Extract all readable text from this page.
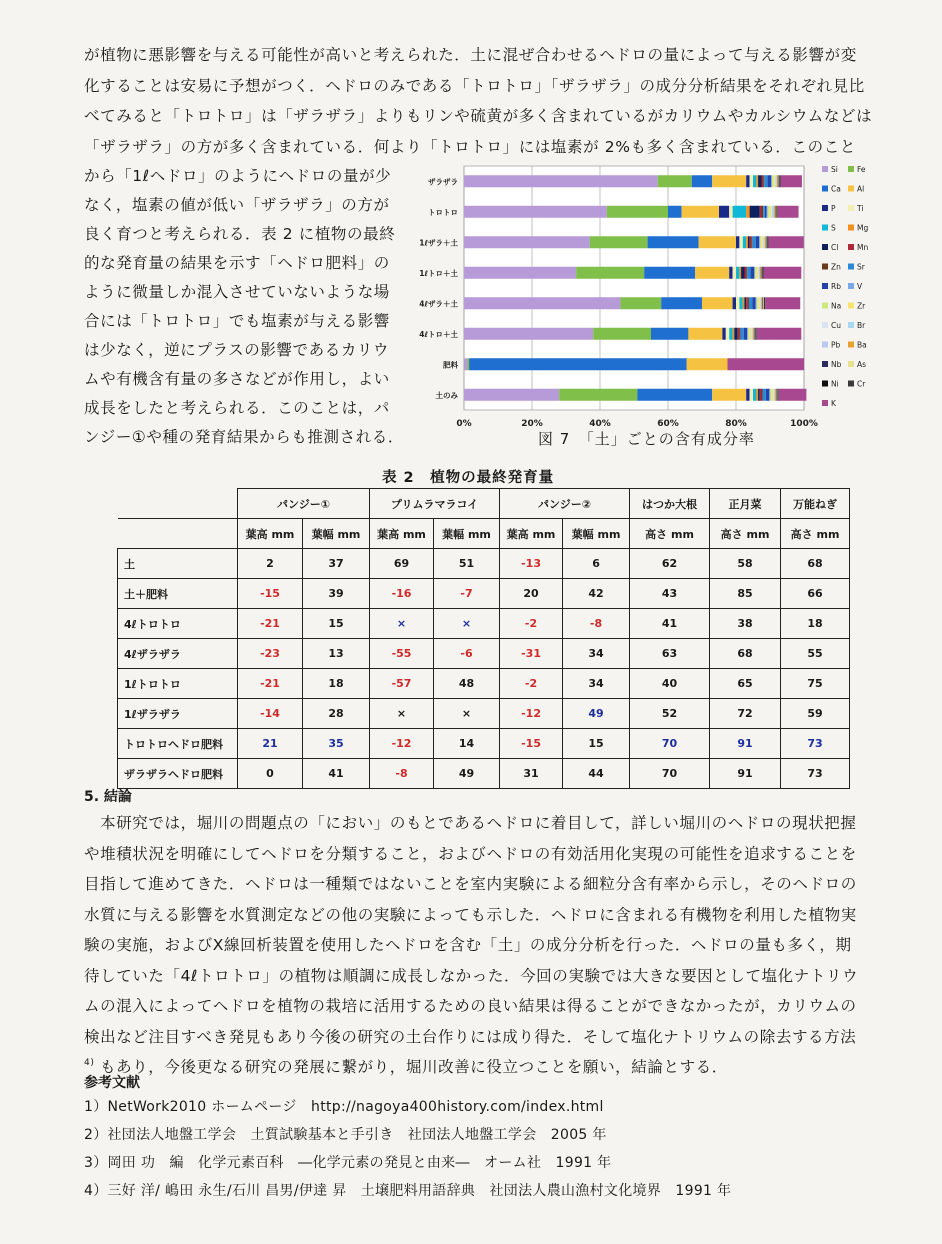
が植物に悪影響を与える可能性が高いと考えられた．土に混ぜ合わせるヘドロの量によって与える影響が変
化することは安易に予想がつく．ヘドロのみである「トロトロ」「ザラザラ」の成分分析結果をそれぞれ見比
べてみると「トロトロ」は「ザラザラ」よりもリンや硫黄が多く含まれているがカリウムやカルシウムなどは
「ザラザラ」の方が多く含まれている．何より「トロトロ」には塩素が 2%も多く含まれている．このこと
から「1ℓヘドロ」のようにヘドロの量が少
なく，塩素の値が低い「ザラザラ」の方が
良く育つと考えられる．表 2 に植物の最終
的な発育量の結果を示す「ヘドロ肥料」の
ように微量しか混入させていないような場
合には「トロトロ」でも塩素が与える影響
は少なく，逆にプラスの影響であるカリウ
ムや有機含有量の多さなどが作用し，よい
成長をしたと考えられる．このことは，パ
ンジー①や種の発育結果からも推測される．
0%	20%	40%	60%	80%	100%
ザラザラ
トロトロ
1ℓザラ＋土
1ℓトロ＋土
4ℓザラ＋土
4ℓトロ＋土
肥料
土のみ
Si	Fe
Ca Al
P	Ti
S	Mg
Cl Mn
Zn Sr
Rb V
Na Zr
Cu Br
Pb Ba
Nb As
Ni Cr
K
図 7　「土」ごとの含有成分率
表 2　植物の最終発育量
	パンジー①		プリムラマラコイ		パンジー②		はつか大根	正月菜	万能ねぎ
	葉高 mm	葉幅 mm	葉高 mm	葉幅 mm	葉高 mm	葉幅 mm	高さ mm	高さ mm	高さ mm
土	2	37	69	51	-13	6	62	58	68
土＋肥料	-15	39	-16	-7	20	42	43	85	66
4ℓトロトロ	-21	15	×	×	-2	-8	41	38	18
4ℓザラザラ	-23	13	-55	-6	-31	34	63	68	55
1ℓトロトロ	-21	18	-57	48	-2	34	40	65	75
1ℓザラザラ	-14	28	×	×	-12	49	52	72	59
トロトロヘドロ肥料	21	35	-12	14	-15	15	70	91	73
ザラザラヘドロ肥料	0	41	-8	49	31	44	70	91	73
5. 結論
　本研究では，堀川の問題点の「におい」のもとであるヘドロに着目して，詳しい堀川のヘドロの現状把握
や堆積状況を明確にしてヘドロを分類すること，およびヘドロの有効活用化実現の可能性を追求することを
目指して進めてきた．ヘドロは一種類ではないことを室内実験による細粒分含有率から示し，そのヘドロの
水質に与える影響を水質測定などの他の実験によっても示した．ヘドロに含まれる有機物を利用した植物実
験の実施，およびX線回析装置を使用したヘドロを含む「土」の成分分析を行った．ヘドロの量も多く，期
待していた「4ℓトロトロ」の植物は順調に成長しなかった．今回の実験では大きな要因として塩化ナトリウ
ムの混入によってヘドロを植物の栽培に活用するための良い結果は得ることができなかったが，カリウムの
検出など注目すべき発見もあり今後の研究の土台作りには成り得た．そして塩化ナトリウムの除去する方法
$^{4)}$ もあり，今後更なる研究の発展に繋がり，堀川改善に役立つことを願い，結論とする．
参考文献
1）NetWork2010 ホームページ　http://nagoya400history.com/index.html
2）社団法人地盤工学会　土質試験基本と手引き　社団法人地盤工学会　2005 年
3）岡田 功　編　化学元素百科　―化学元素の発見と由来―　オーム社　1991 年
4）三好 洋/ 嶋田 永生/石川 昌男/伊達 昇　土壌肥料用語辞典　社団法人農山漁村文化境界　1991 年
